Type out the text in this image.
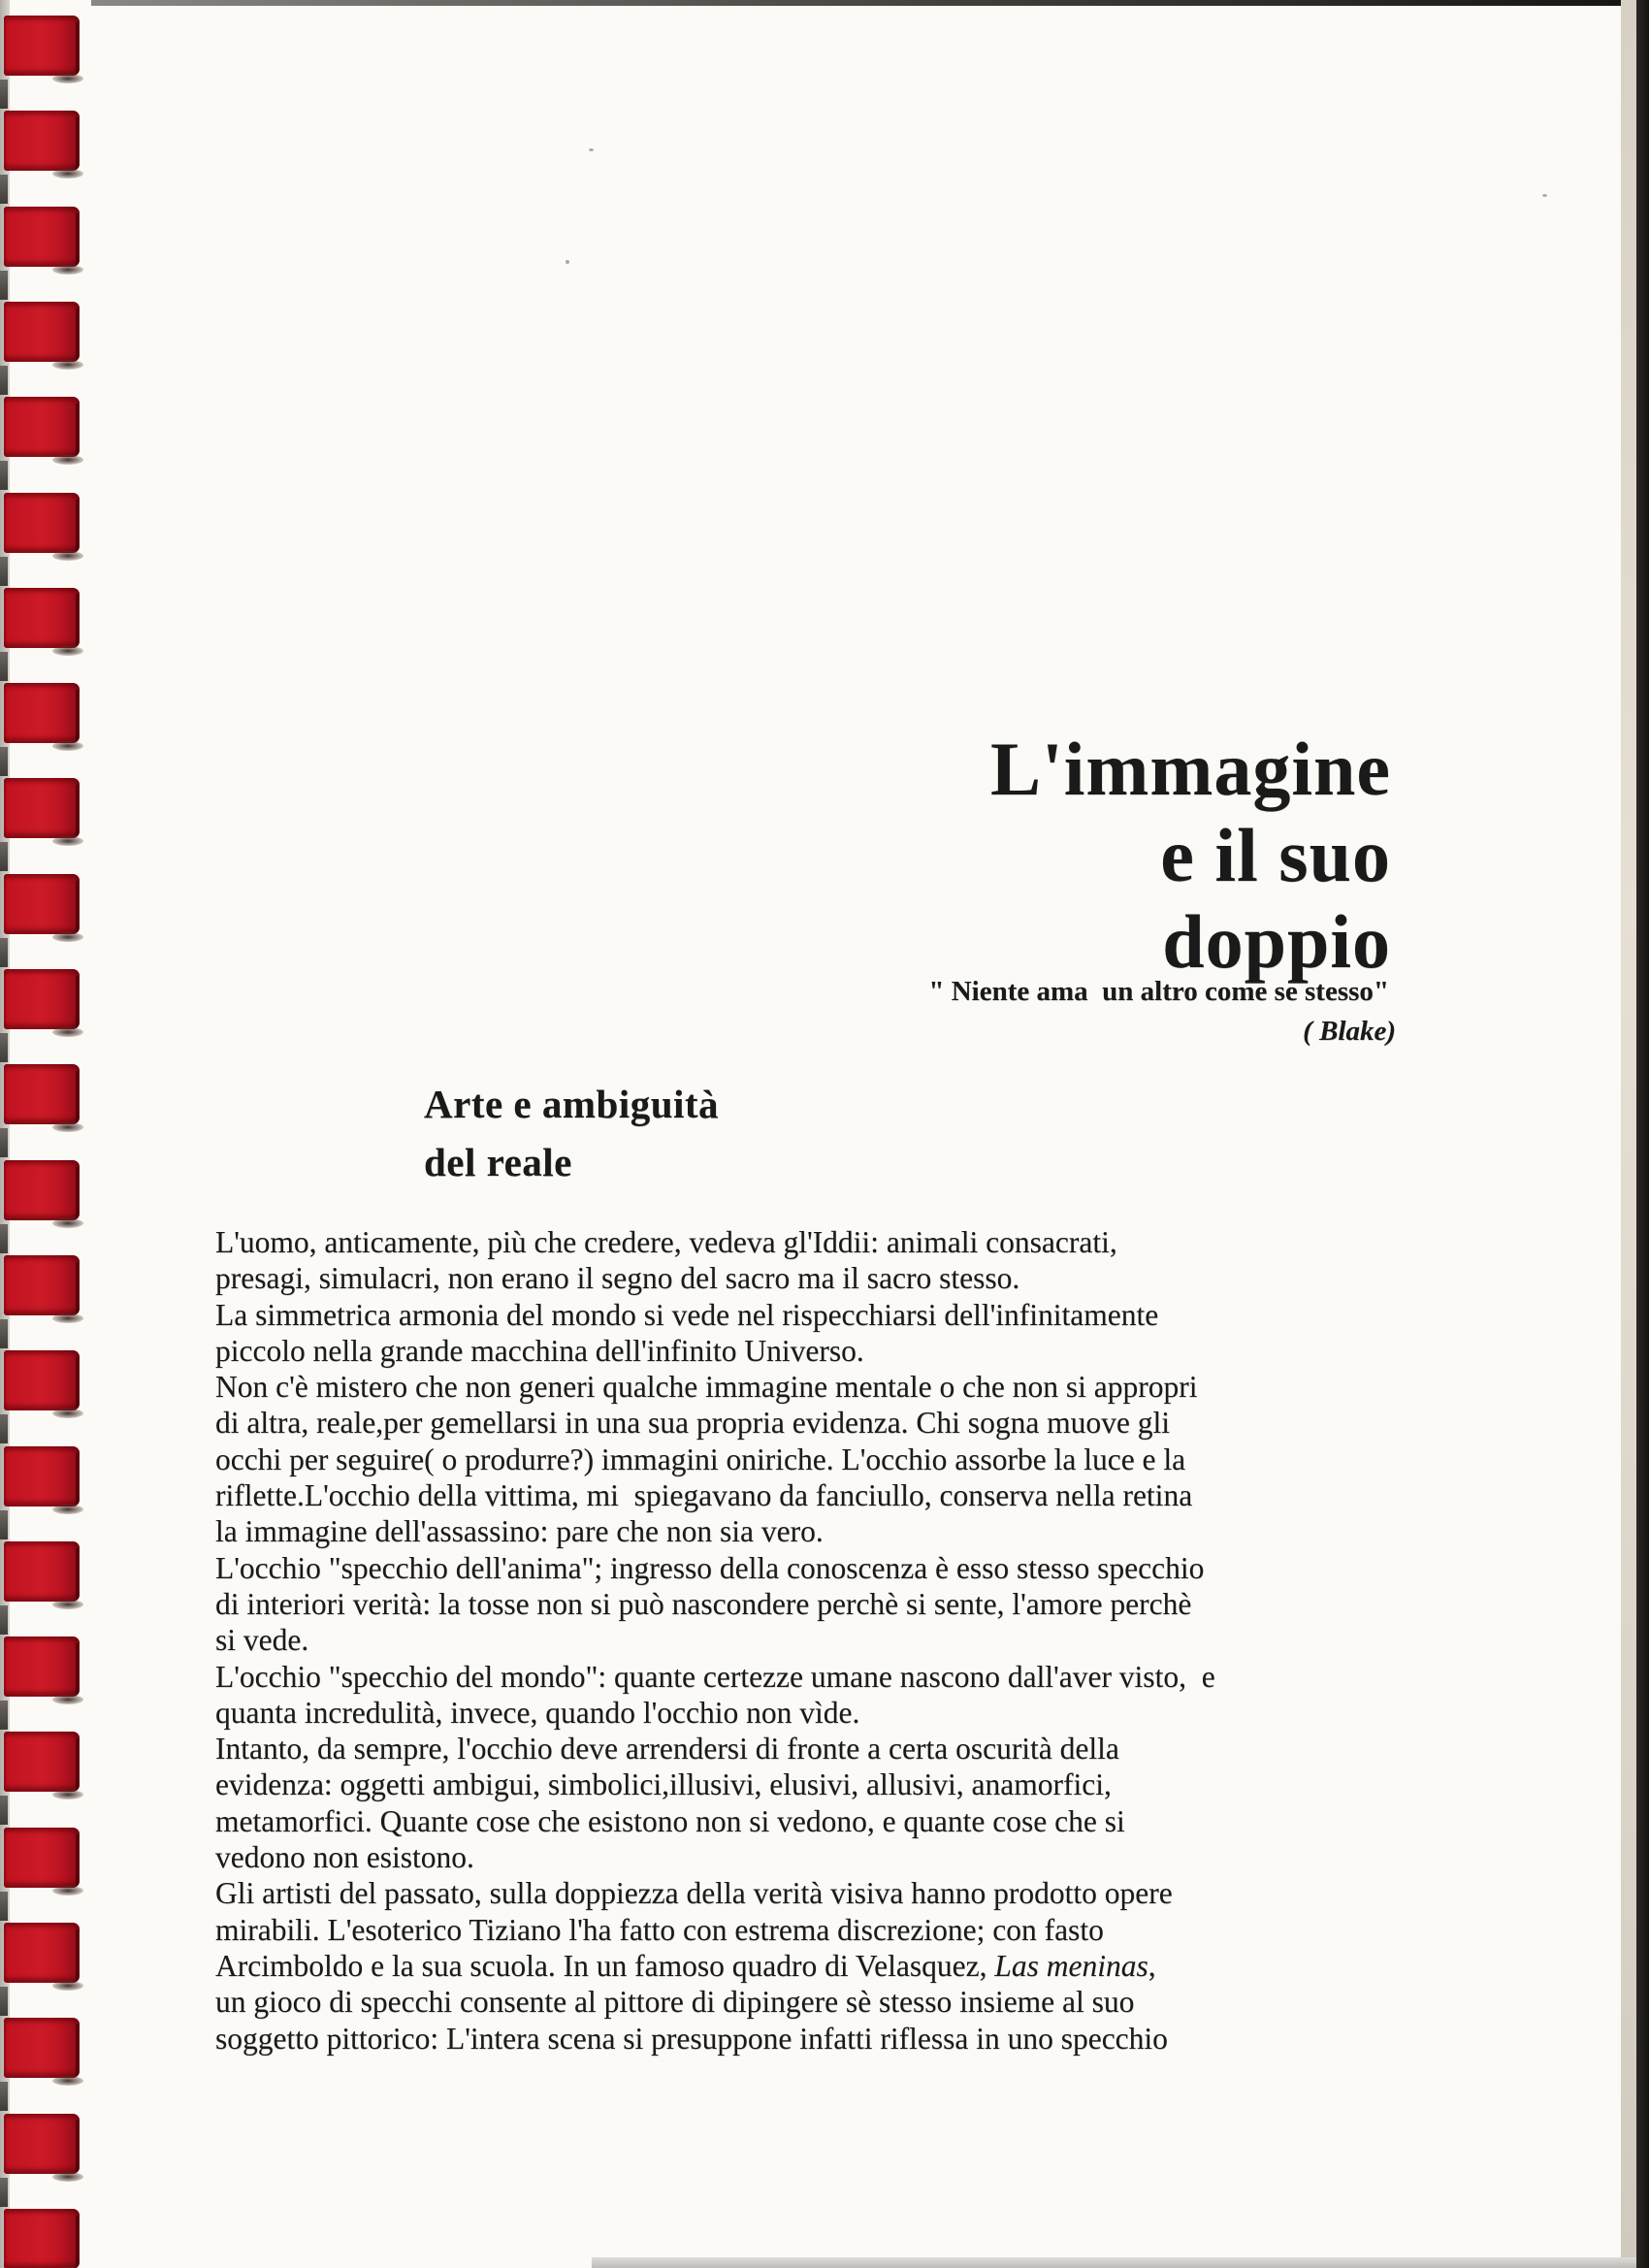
L'immagine
e il suo
doppio
" Niente ama  un altro come se stesso"
( Blake)
Arte e ambiguità
del reale
L'uomo, anticamente, più che credere, vedeva gl'Iddii: animali consacrati,
presagi, simulacri, non erano il segno del sacro ma il sacro stesso.
La simmetrica armonia del mondo si vede nel rispecchiarsi dell'infinitamente
piccolo nella grande macchina dell'infinito Universo.
Non c'è mistero che non generi qualche immagine mentale o che non si appropri
di altra, reale,per gemellarsi in una sua propria evidenza. Chi sogna muove gli
occhi per seguire( o produrre?) immagini oniriche. L'occhio assorbe la luce e la
riflette.L'occhio della vittima, mi  spiegavano da fanciullo, conserva nella retina
la immagine dell'assassino: pare che non sia vero.
L'occhio "specchio dell'anima"; ingresso della conoscenza è esso stesso specchio
di interiori verità: la tosse non si può nascondere perchè si sente, l'amore perchè
si vede.
L'occhio "specchio del mondo": quante certezze umane nascono dall'aver visto,  e
quanta incredulità, invece, quando l'occhio non vìde.
Intanto, da sempre, l'occhio deve arrendersi di fronte a certa oscurità della
evidenza: oggetti ambigui, simbolici,illusivi, elusivi, allusivi, anamorfici,
metamorfici. Quante cose che esistono non si vedono, e quante cose che si
vedono non esistono.
Gli artisti del passato, sulla doppiezza della verità visiva hanno prodotto opere
mirabili. L'esoterico Tiziano l'ha fatto con estrema discrezione; con fasto
Arcimboldo e la sua scuola. In un famoso quadro di Velasquez, Las meninas,
un gioco di specchi consente al pittore di dipingere sè stesso insieme al suo
soggetto pittorico: L'intera scena si presuppone infatti riflessa in uno specchio
